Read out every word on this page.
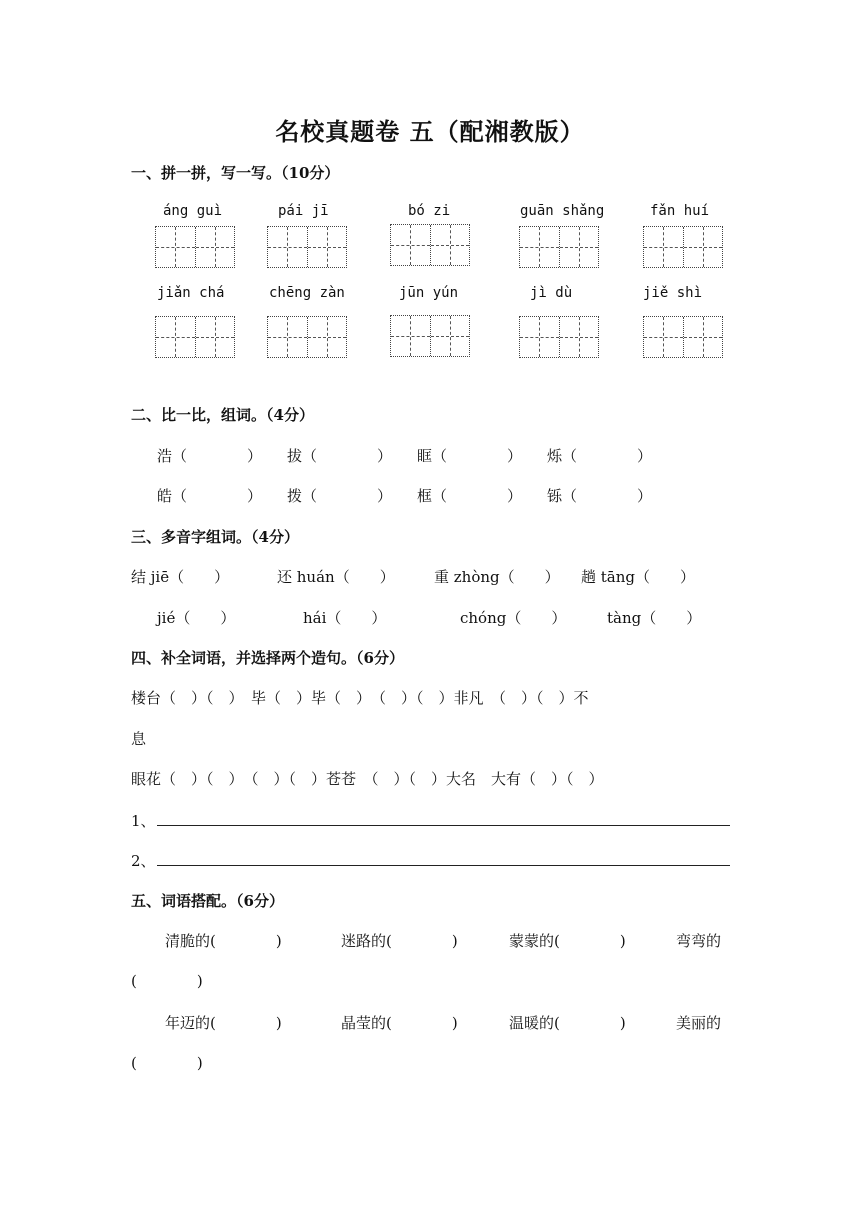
名校真题卷 五（配湘教版）
一、拼一拼，写一写。（10分）
áng guì	pái jī	bó zi	guān shǎng	fǎn huí
jiǎn chá	chēng zàn	jūn yún	jì dù	jiě shì
二、比一比，组词。（4分）
浩（　　　　） 拔（　　　　） 眶（　　　　） 烁（　　　　）
皓（　　　　） 拨（　　　　） 框（　　　　） 铄（　　　　）
三、多音字组词。（4分）
结 jiē（　　）	还 huán（　　）	重 zhòng（　　） 趟 tāng（　　）
jié（　　）	hái（　　）	chóng（　　）	tàng（　　）
四、补全词语，并选择两个造句。（6分）
楼台（　）（　）　毕（　）毕（　）　（　）（　）非凡　（　）（　）不
息
眼花（　）（　）　（　）（　）苍苍　（　）（　）大名　大有（　）（　）
1、
2、
五、词语搭配。（6分）
清脆的(　　　　)	迷路的(　　　　)	蒙蒙的(　　　　)	弯弯的
(　　　　)
年迈的(　　　　)	晶莹的(　　　　)	温暖的(　　　　)	美丽的
(　　　　)
